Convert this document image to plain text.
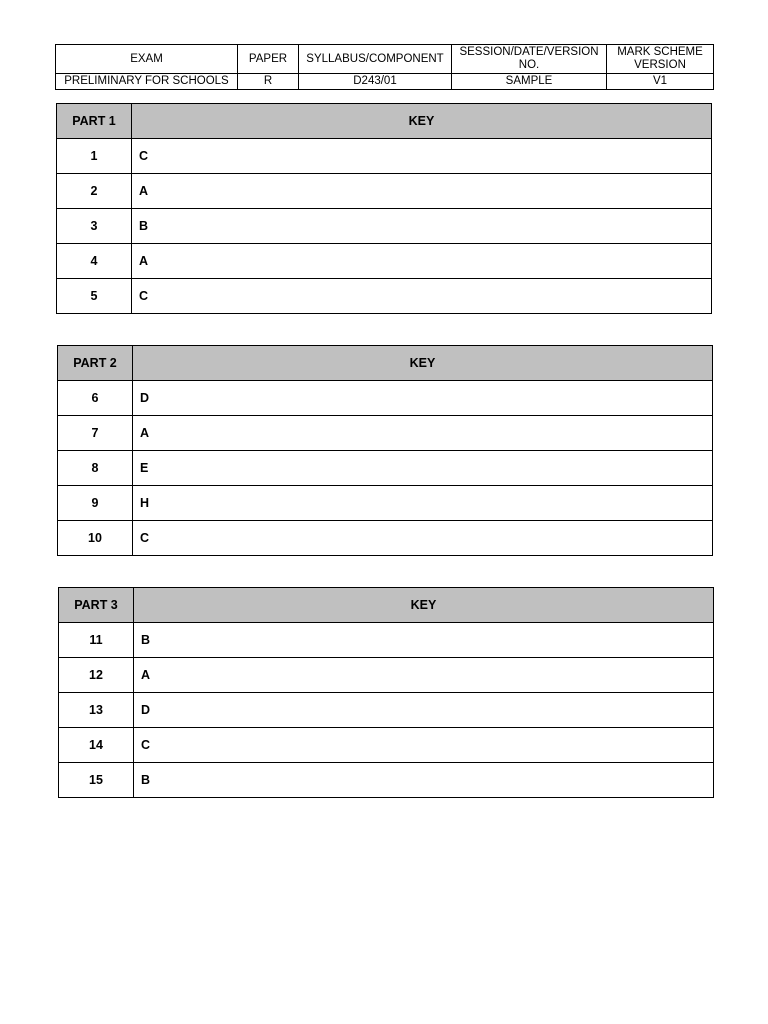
EXAM	PAPER	SYLLABUS/COMPONENT	SESSION/DATE/VERSION NO.	MARK SCHEME VERSION
PRELIMINARY FOR SCHOOLS	R	D243/01	SAMPLE	V1
PART 1	KEY
1	C
2	A
3	B
4	A
5	C
PART 2	KEY
6	D
7	A
8	E
9	H
10	C
PART 3	KEY
11	B
12	A
13	D
14	C
15	B
